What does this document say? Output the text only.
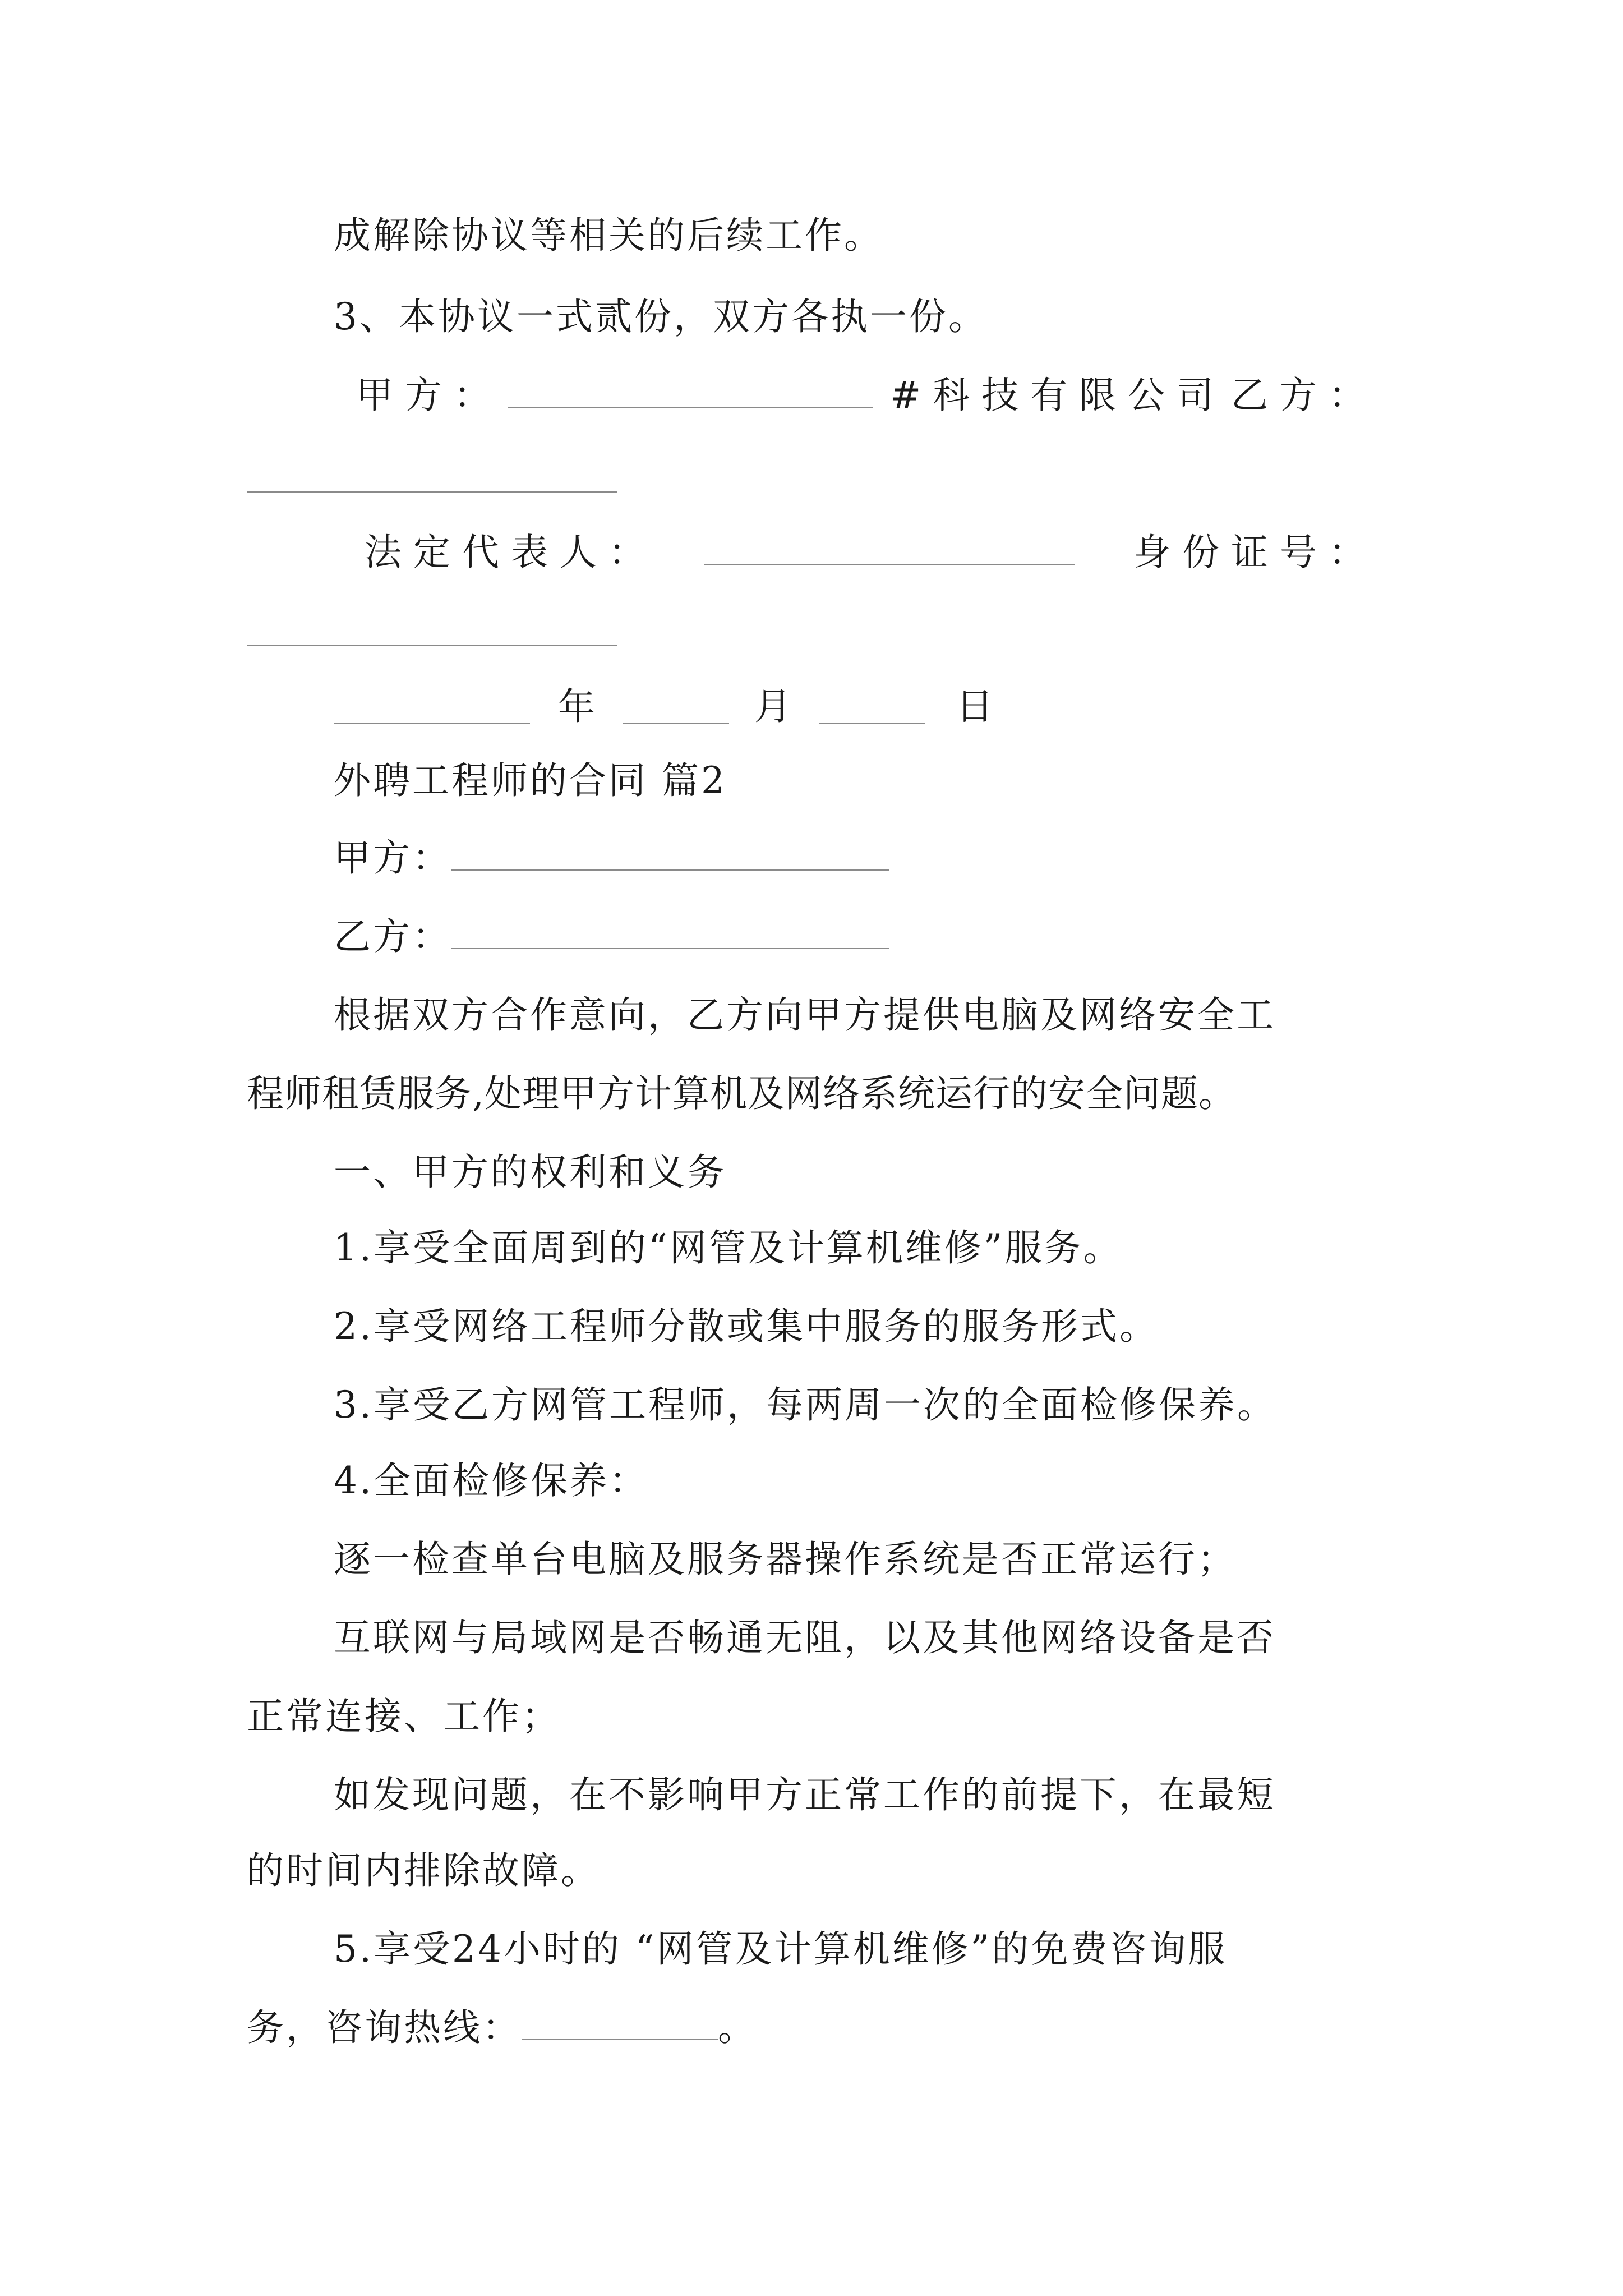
成解除协议等相关的后续工作。
3、本协议一式贰份，双方各执一份。
甲 方 ：	# 科 技 有 限 公 司 乙 方 ：
法 定 代 表 人 ：	身 份 证 号 ：
年	月	日
外聘工程师的合同 篇2
甲方：
乙方：
根据双方合作意向，乙方向甲方提供电脑及网络安全工
程师租赁服务,处理甲方计算机及网络系统运行的安全问题。
一、甲方的权利和义务
1.享受全面周到的“网管及计算机维修”服务。
2.享受网络工程师分散或集中服务的服务形式。
3.享受乙方网管工程师，每两周一次的全面检修保养。
4.全面检修保养：
逐一检查单台电脑及服务器操作系统是否正常运行；
互联网与局域网是否畅通无阻，以及其他网络设备是否
正常连接、工作；
如发现问题，在不影响甲方正常工作的前提下，在最短
的时间内排除故障。
5.享受24小时的 “网管及计算机维修”的免费咨询服
务，咨询热线：	。
